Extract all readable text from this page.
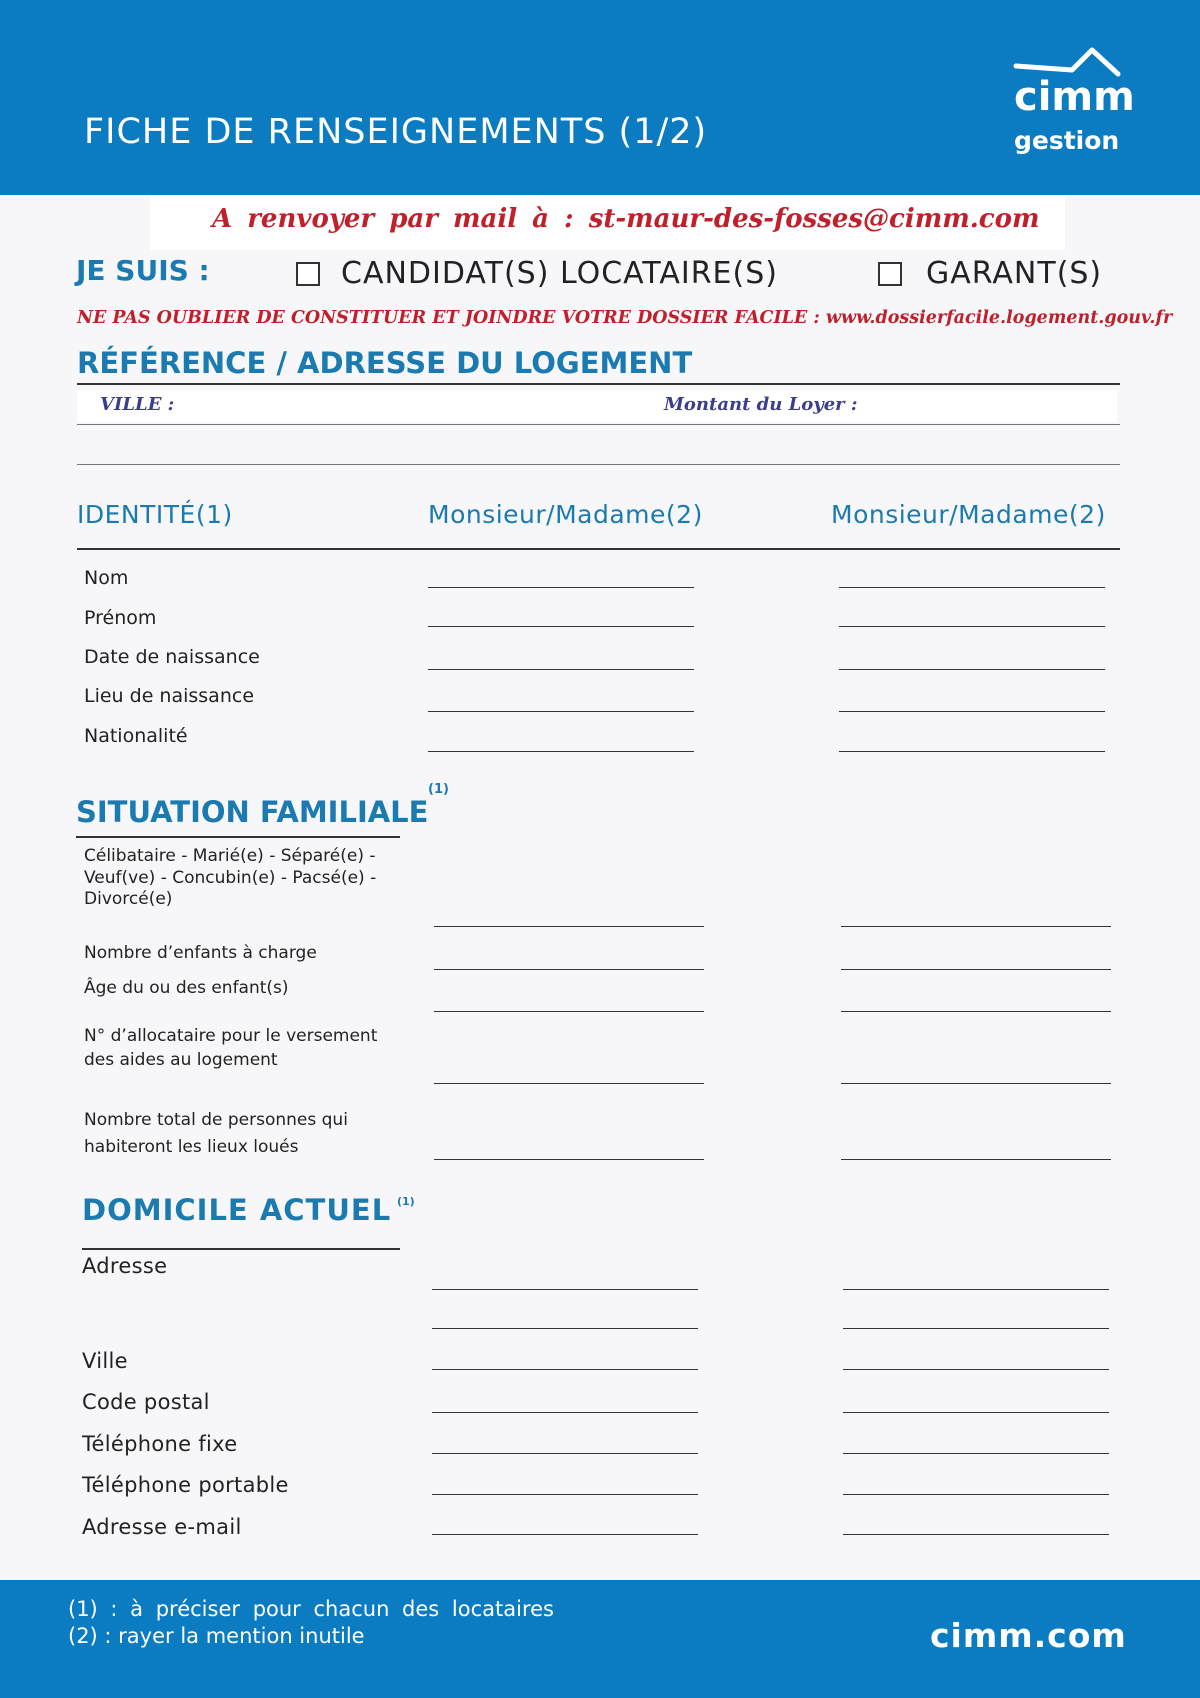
FICHE DE RENSEIGNEMENTS (1/2)
cimm
gestion
A renvoyer par mail à : st-maur-des-fosses@cimm.com
JE SUIS :	CANDIDAT(S) LOCATAIRE(S)	GARANT(S)
NE PAS OUBLIER DE CONSTITUER ET JOINDRE VOTRE DOSSIER FACILE : www.dossierfacile.logement.gouv.fr
RÉFÉRENCE / ADRESSE DU LOGEMENT
VILLE :	Montant du Loyer :
IDENTITÉ(1)	Monsieur/Madame(2)	Monsieur/Madame(2)
Nom
Prénom
Date de naissance
Lieu de naissance
Nationalité
SITUATION FAMILIALE
(1)
Célibataire - Marié(e) - Séparé(e) -
Veuf(ve) - Concubin(e) - Pacsé(e) -
Divorcé(e)
Nombre d’enfants à charge
Âge du ou des enfant(s)
N° d’allocataire pour le versement
des aides au logement
Nombre total de personnes qui
habiteront les lieux loués
DOMICILE ACTUEL (1)
Adresse
Ville
Code postal
Téléphone fixe
Téléphone portable
Adresse e-mail
(1) : à préciser pour chacun des locataires
(2) : rayer la mention inutile	cimm.com
